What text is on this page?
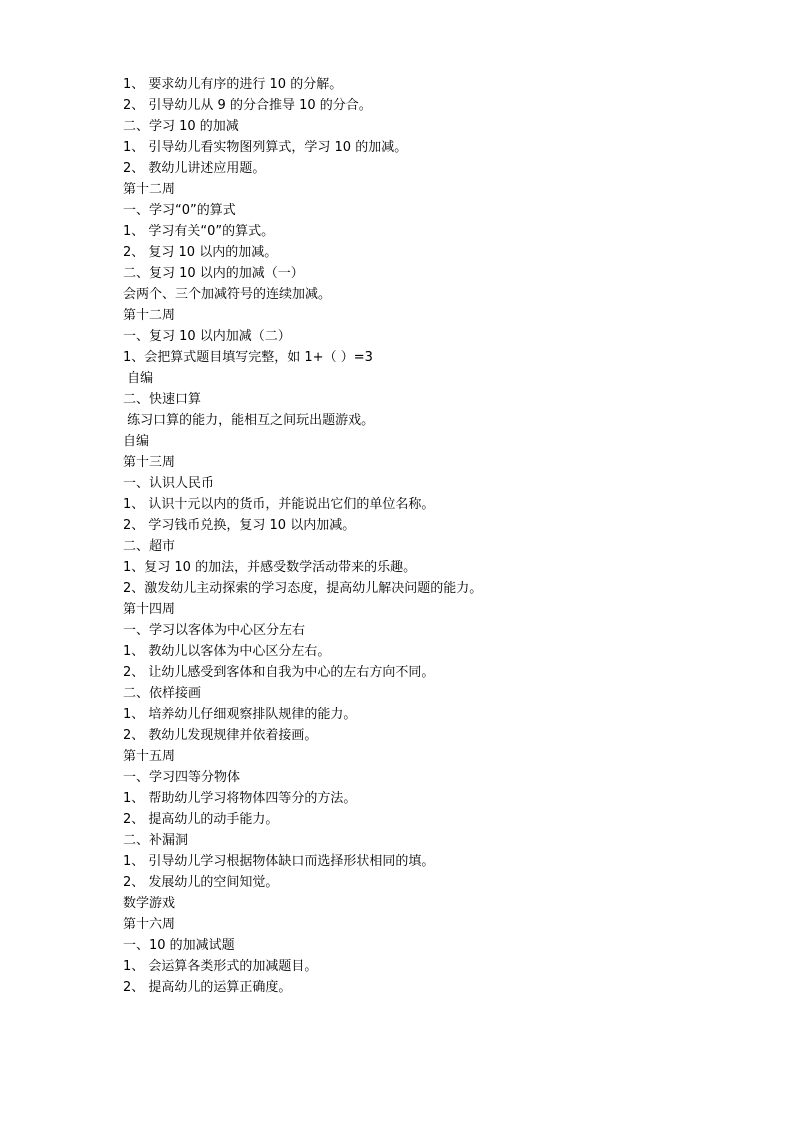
1、 要求幼儿有序的进行 10 的分解。
2、 引导幼儿从 9 的分合推导 10 的分合。
二、学习 10 的加减
1、 引导幼儿看实物图列算式，学习 10 的加减。
2、 教幼儿讲述应用题。
第十二周
一、学习“0”的算式
1、 学习有关“0”的算式。
2、 复习 10 以内的加减。
二、复习 10 以内的加减（一）
会两个、三个加减符号的连续加减。
第十二周
一、复习 10 以内加减（二）
1、会把算式题目填写完整，如 1+（ ）=3
自编
二、快速口算
练习口算的能力，能相互之间玩出题游戏。
自编
第十三周
一、认识人民币
1、 认识十元以内的货币，并能说出它们的单位名称。
2、 学习钱币兑换，复习 10 以内加减。
二、超市
1、复习 10 的加法，并感受数学活动带来的乐趣。
2、激发幼儿主动探索的学习态度，提高幼儿解决问题的能力。
第十四周
一、学习以客体为中心区分左右
1、 教幼儿以客体为中心区分左右。
2、 让幼儿感受到客体和自我为中心的左右方向不同。
二、依样接画
1、 培养幼儿仔细观察排队规律的能力。
2、 教幼儿发现规律并依着接画。
第十五周
一、学习四等分物体
1、 帮助幼儿学习将物体四等分的方法。
2、 提高幼儿的动手能力。
二、补漏洞
1、 引导幼儿学习根据物体缺口而选择形状相同的填。
2、 发展幼儿的空间知觉。
数学游戏
第十六周
一、10 的加减试题
1、 会运算各类形式的加减题目。
2、 提高幼儿的运算正确度。
